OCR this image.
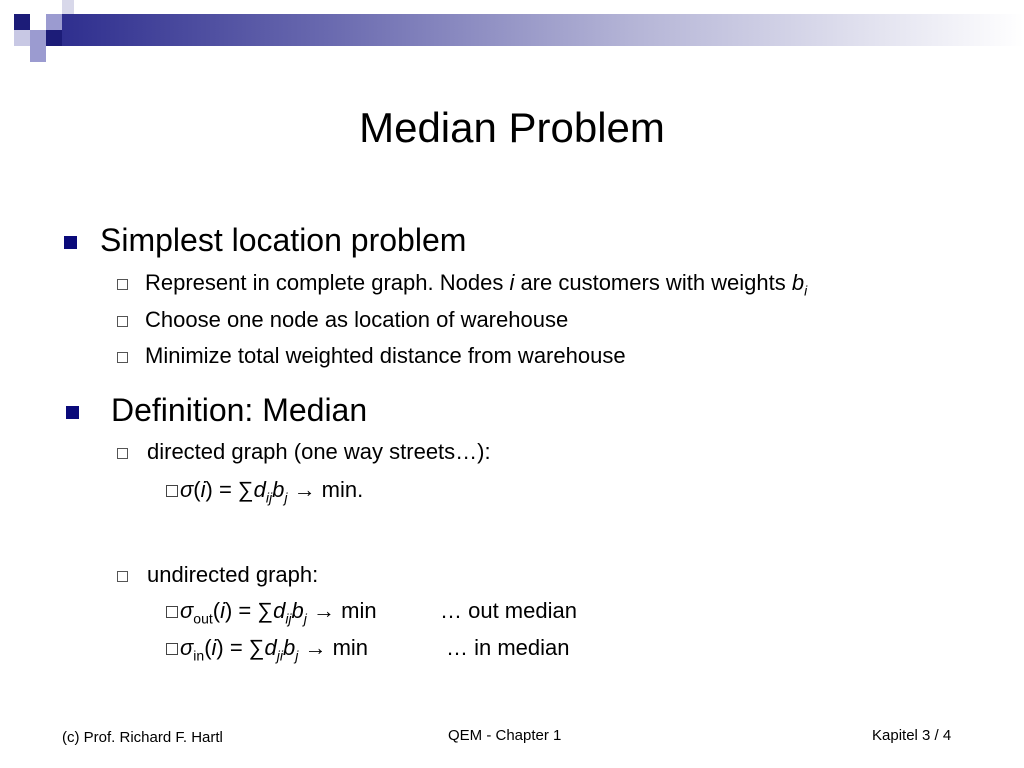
Median Problem
Simplest location problem
Represent in complete graph. Nodes i are customers with weights $b_i$
Choose one node as location of warehouse
Minimize total weighted distance from warehouse
Definition: Median
directed graph (one way streets…):
$\sigma(i) = \sum d_{ij}b_j \to \min$.
undirected graph:
$\sigma_{out}(i) = \sum d_{ij}b_j \to \min$	… out median
$\sigma_{in}(i) = \sum d_{ji}b_j \to \min$	… in median
(c) Prof. Richard F. Hartl	QEM - Chapter 1	Kapitel 3 / 4
